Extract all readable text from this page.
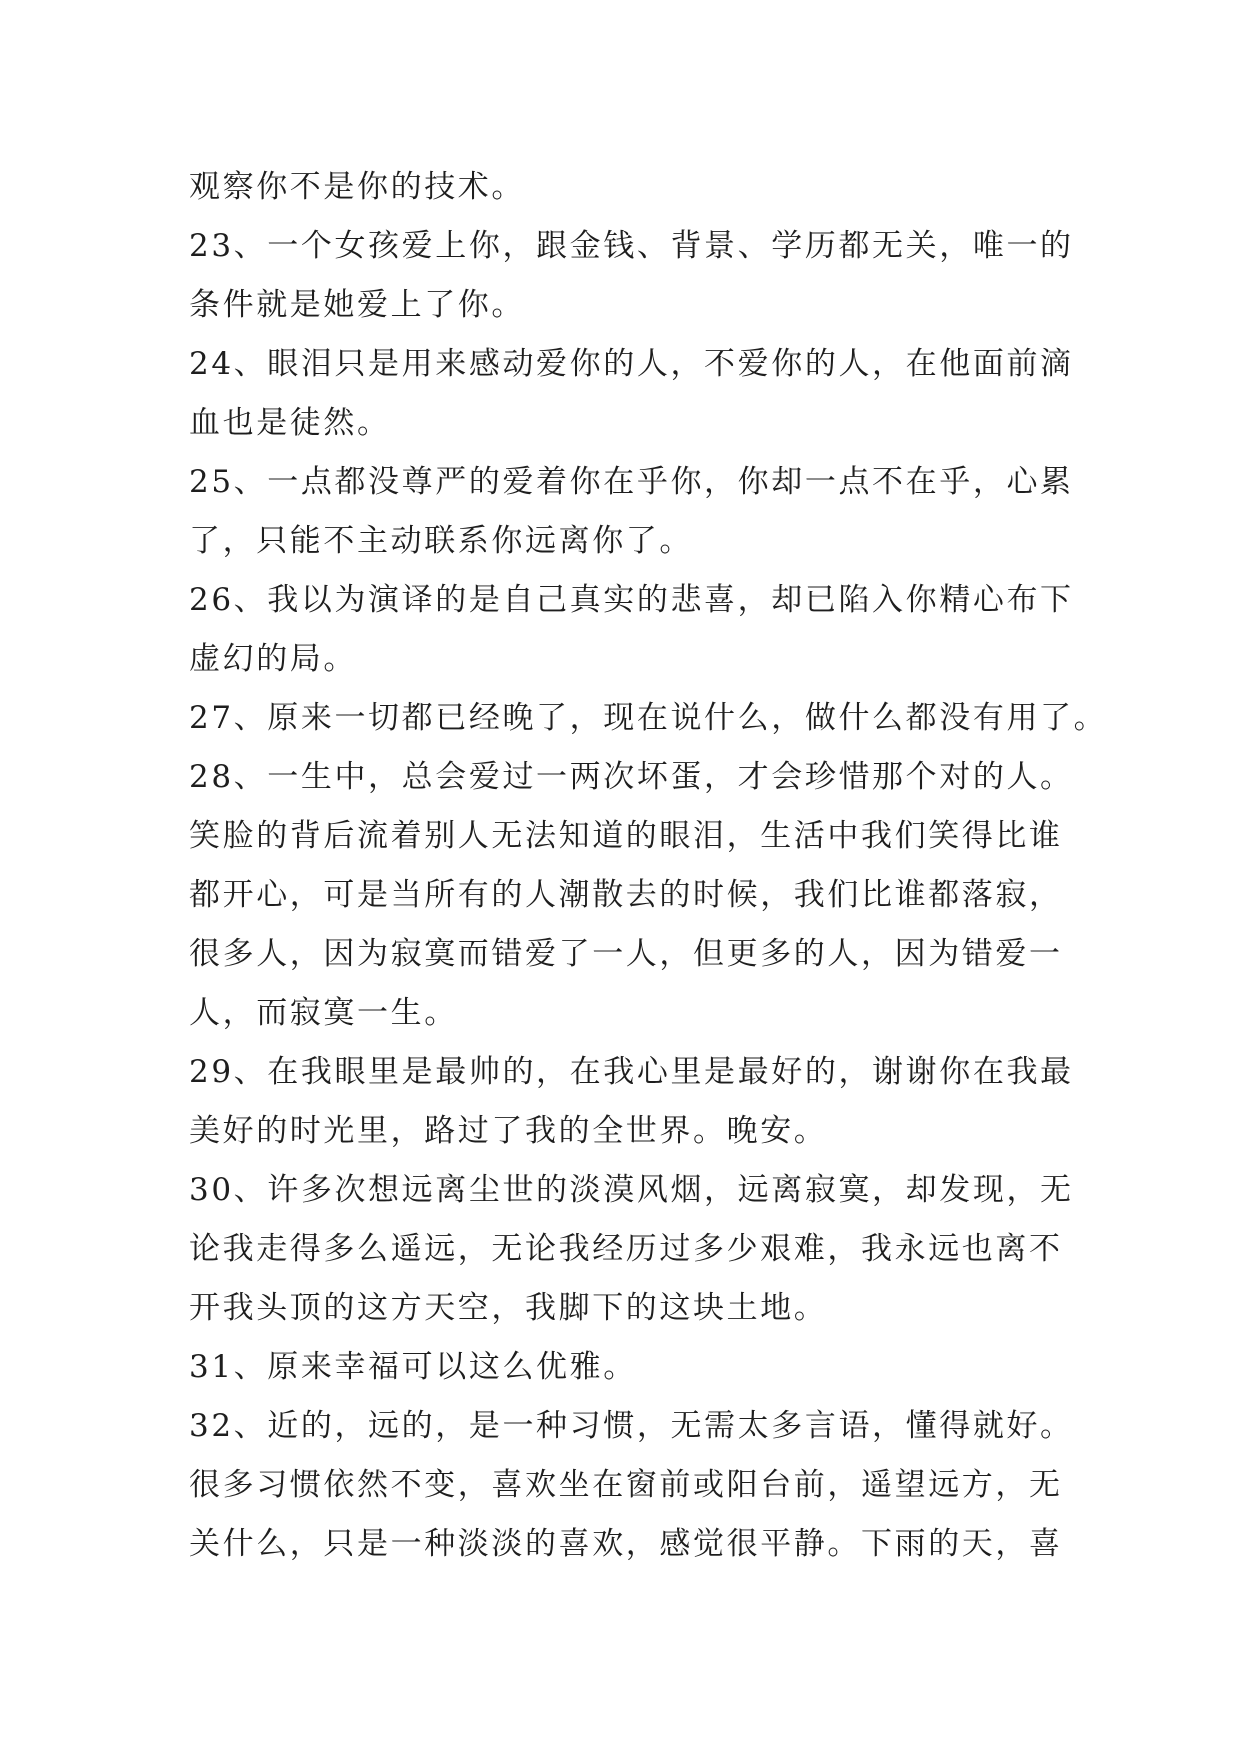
观察你不是你的技术。
23、一个女孩爱上你，跟金钱、背景、学历都无关，唯一的
条件就是她爱上了你。
24、眼泪只是用来感动爱你的人，不爱你的人，在他面前滴
血也是徒然。
25、一点都没尊严的爱着你在乎你，你却一点不在乎，心累
了，只能不主动联系你远离你了。
26、我以为演译的是自己真实的悲喜，却已陷入你精心布下
虚幻的局。
27、原来一切都已经晚了，现在说什么，做什么都没有用了。
28、一生中，总会爱过一两次坏蛋，才会珍惜那个对的人。
笑脸的背后流着别人无法知道的眼泪，生活中我们笑得比谁
都开心，可是当所有的人潮散去的时候，我们比谁都落寂，
很多人，因为寂寞而错爱了一人，但更多的人，因为错爱一
人，而寂寞一生。
29、在我眼里是最帅的，在我心里是最好的，谢谢你在我最
美好的时光里，路过了我的全世界。晚安。
30、许多次想远离尘世的淡漠风烟，远离寂寞，却发现，无
论我走得多么遥远，无论我经历过多少艰难，我永远也离不
开我头顶的这方天空，我脚下的这块土地。
31、原来幸福可以这么优雅。
32、近的，远的，是一种习惯，无需太多言语，懂得就好。
很多习惯依然不变，喜欢坐在窗前或阳台前，遥望远方，无
关什么，只是一种淡淡的喜欢，感觉很平静。下雨的天，喜
